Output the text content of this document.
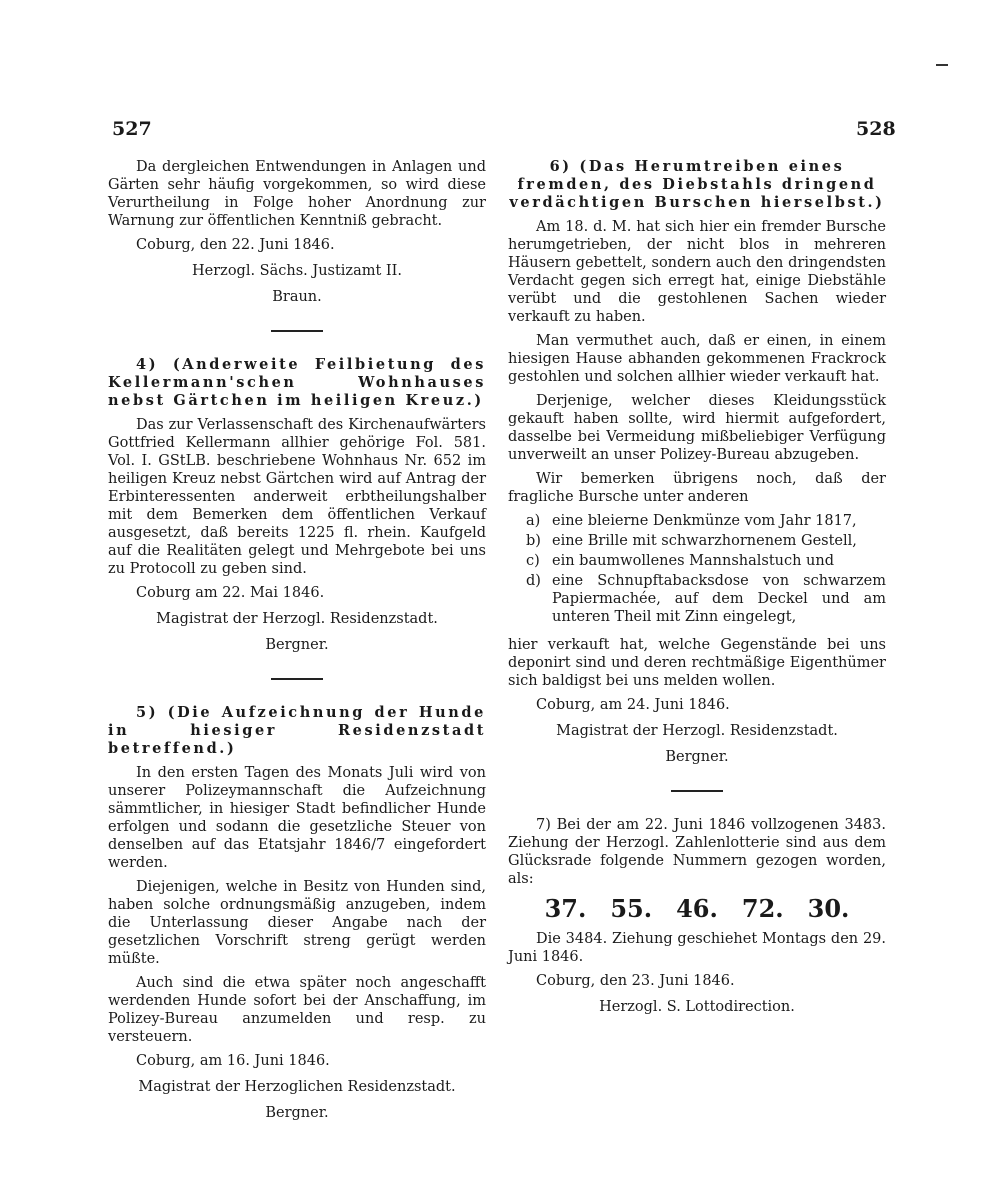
527	528

Da dergleichen Entwendungen in Anlagen und Gärten sehr häufig vorgekommen, so wird diese Verurtheilung in Folge hoher Anordnung zur Warnung zur öffentlichen Kenntniß gebracht.

Coburg, den 22. Juni 1846.

Herzogl. Sächs. Justizamt II.

Braun.

4) (Anderweite Feilbietung des Kellermann'schen Wohnhauses nebst Gärtchen im heiligen Kreuz.)

Das zur Verlassenschaft des Kirchenaufwärters Gottfried Kellermann allhier gehörige Fol. 581. Vol. I. GStLB. beschriebene Wohnhaus Nr. 652 im heiligen Kreuz nebst Gärtchen wird auf Antrag der Erbinteressenten anderweit erbtheilungshalber mit dem Bemerken dem öffentlichen Verkauf ausgesetzt, daß bereits 1225 fl. rhein. Kaufgeld auf die Realitäten gelegt und Mehrgebote bei uns zu Protocoll zu geben sind.

Coburg am 22. Mai 1846.

Magistrat der Herzogl. Residenzstadt.

Bergner.

5) (Die Aufzeichnung der Hunde in hiesiger Residenzstadt betreffend.)

In den ersten Tagen des Monats Juli wird von unserer Polizeymannschaft die Aufzeichnung sämmtlicher, in hiesiger Stadt befindlicher Hunde erfolgen und sodann die gesetzliche Steuer von denselben auf das Etatsjahr 1846/7 eingefordert werden.

Diejenigen, welche in Besitz von Hunden sind, haben solche ordnungsmäßig anzugeben, indem die Unterlassung dieser Angabe nach der gesetzlichen Vorschrift streng gerügt werden müßte.

Auch sind die etwa später noch angeschafft werdenden Hunde sofort bei der Anschaffung, im Polizey-Bureau anzumelden und resp. zu versteuern.

Coburg, am 16. Juni 1846.

Magistrat der Herzoglichen Residenzstadt.

Bergner.

6) (Das Herumtreiben eines fremden, des Diebstahls dringend verdächtigen Burschen hierselbst.)

Am 18. d. M. hat sich hier ein fremder Bursche herumgetrieben, der nicht blos in mehreren Häusern gebettelt, sondern auch den dringendsten Verdacht gegen sich erregt hat, einige Diebstähle verübt und die gestohlenen Sachen wieder verkauft zu haben.

Man vermuthet auch, daß er einen, in einem hiesigen Hause abhanden gekommenen Frackrock gestohlen und solchen allhier wieder verkauft hat.

Derjenige, welcher dieses Kleidungsstück gekauft haben sollte, wird hiermit aufgefordert, dasselbe bei Vermeidung mißbeliebiger Verfügung unverweilt an unser Polizey-Bureau abzugeben.

Wir bemerken übrigens noch, daß der fragliche Bursche unter anderen

a) eine bleierne Denkmünze vom Jahr 1817,
b) eine Brille mit schwarzhornenem Gestell,
c) ein baumwollenes Mannshalstuch und
d) eine Schnupftabacksdose von schwarzem Papiermachée, auf dem Deckel und am unteren Theil mit Zinn eingelegt,

hier verkauft hat, welche Gegenstände bei uns deponirt sind und deren rechtmäßige Eigenthümer sich baldigst bei uns melden wollen.

Coburg, am 24. Juni 1846.

Magistrat der Herzogl. Residenzstadt.

Bergner.

7) Bei der am 22. Juni 1846 vollzogenen 3483. Ziehung der Herzogl. Zahlenlotterie sind aus dem Glücksrade folgende Nummern gezogen worden, als:

37. 55. 46. 72. 30.

Die 3484. Ziehung geschiehet Montags den 29. Juni 1846.

Coburg, den 23. Juni 1846.

Herzogl. S. Lottodirection.
